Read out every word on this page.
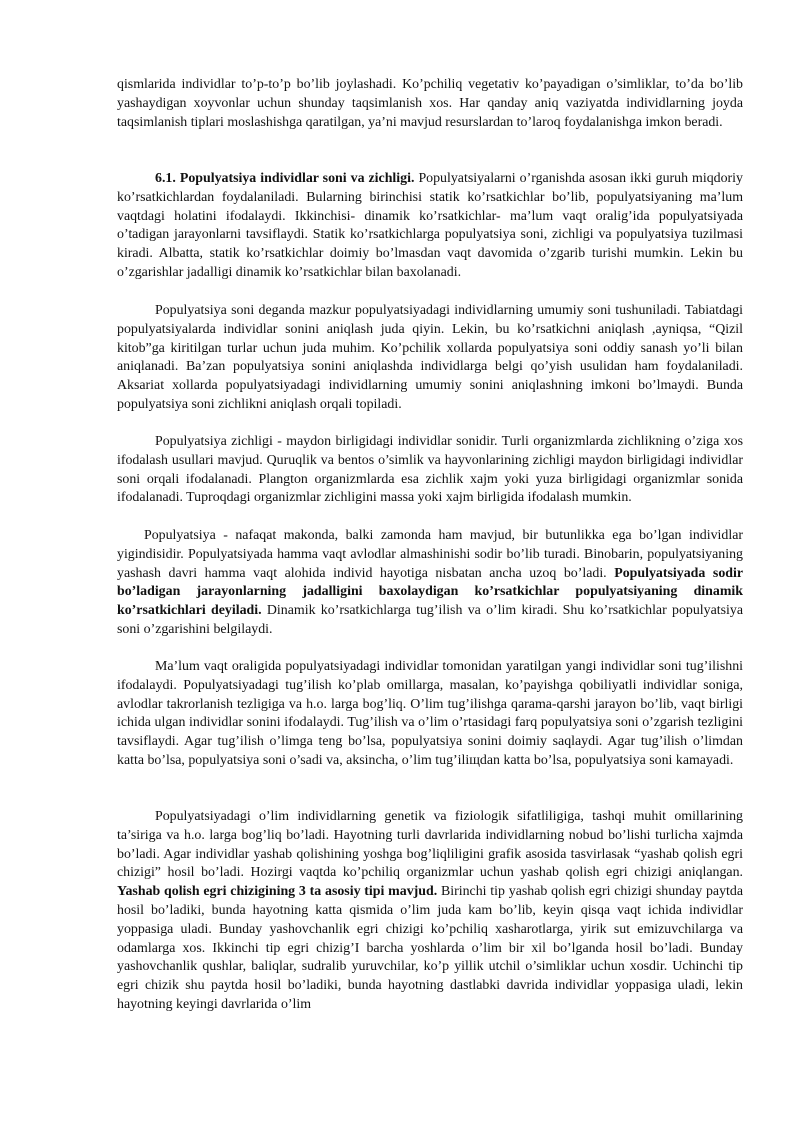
qismlarida individlar to’p-to’p bo’lib joylashadi. Ko’pchiliq vegetativ ko’payadigan o’simliklar, to’da bo’lib yashaydigan xoyvonlar uchun shunday taqsimlanish xos. Har qanday aniq vaziyatda individlarning joyda taqsimlanish tiplari moslashishga qaratilgan, ya’ni mavjud resurslardan to’laroq foydalanishga imkon beradi.

6.1. Populyatsiya individlar soni va zichligi. Populyatsiyalarni o’rganishda asosan ikki guruh miqdoriy ko’rsatkichlardan foydalaniladi. Bularning birinchisi statik ko’rsatkichlar bo’lib, populyatsiyaning ma’lum vaqtdagi holatini ifodalaydi. Ikkinchisi- dinamik ko’rsatkichlar- ma’lum vaqt oralig’ida populyatsiyada o’tadigan jarayonlarni tavsiflaydi. Statik ko’rsatkichlarga populyatsiya soni, zichligi va populyatsiya tuzilmasi kiradi. Albatta, statik ko’rsatkichlar doimiy bo’lmasdan vaqt davomida o’zgarib turishi mumkin. Lekin bu o’zgarishlar jadalligi dinamik ko’rsatkichlar bilan baxolanadi.

Populyatsiya soni deganda mazkur populyatsiyadagi individlarning umumiy soni tushuniladi. Tabiatdagi populyatsiyalarda individlar sonini aniqlash juda qiyin. Lekin, bu ko’rsatkichni aniqlash ,ayniqsa, “Qizil kitob”ga kiritilgan turlar uchun juda muhim. Ko’pchilik xollarda populyatsiya soni oddiy sanash yo’li bilan aniqlanadi. Ba’zan populyatsiya sonini aniqlashda individlarga belgi qo’yish usulidan ham foydalaniladi. Aksariat xollarda populyatsiyadagi individlarning umumiy sonini aniqlashning imkoni bo’lmaydi. Bunda populyatsiya soni zichlikni aniqlash orqali topiladi.

Populyatsiya zichligi - maydon birligidagi individlar sonidir. Turli organizmlarda zichlikning o’ziga xos ifodalash usullari mavjud. Quruqlik va bentos o’simlik va hayvonlarining zichligi maydon birligidagi individlar soni orqali ifodalanadi. Plangton organizmlarda esa zichlik xajm yoki yuza birligidagi organizmlar sonida ifodalanadi. Tuproqdagi organizmlar zichligini massa yoki xajm birligida ifodalash mumkin.

Populyatsiya - nafaqat makonda, balki zamonda ham mavjud, bir butunlikka ega bo’lgan individlar yigindisidir. Populyatsiyada hamma vaqt avlodlar almashinishi sodir bo’lib turadi. Binobarin, populyatsiyaning yashash davri hamma vaqt alohida individ hayotiga nisbatan ancha uzoq bo’ladi. Populyatsiyada sodir bo’ladigan jarayonlarning jadalligini baxolaydigan ko’rsatkichlar populyatsiyaning dinamik ko’rsatkichlari deyiladi. Dinamik ko’rsatkichlarga tug’ilish va o’lim kiradi. Shu ko’rsatkichlar populyatsiya soni o’zgarishini belgilaydi.

Ma’lum vaqt oraligida populyatsiyadagi individlar tomonidan yaratilgan yangi individlar soni tug’ilishni ifodalaydi. Populyatsiyadagi tug’ilish ko’plab omillarga, masalan, ko’payishga qobiliyatli individlar soniga, avlodlar takrorlanish tezligiga va h.o. larga bog’liq. O’lim tug’ilishga qarama-qarshi jarayon bo’lib, vaqt birligi ichida ulgan individlar sonini ifodalaydi. Tug’ilish va o’lim o’rtasidagi farq populyatsiya soni o’zgarish tezligini tavsiflaydi. Agar tug’ilish o’limga teng bo’lsa, populyatsiya sonini doimiy saqlaydi. Agar tug’ilish o’limdan katta bo’lsa, populyatsiya soni o’sadi va, aksincha, o’lim tug’iliщdan katta bo’lsa, populyatsiya soni kamayadi.

Populyatsiyadagi o’lim individlarning genetik va fiziologik sifatliligiga, tashqi muhit omillarining ta’siriga va h.o. larga bog’liq bo’ladi. Hayotning turli davrlarida individlarning nobud bo’lishi turlicha xajmda bo’ladi. Agar individlar yashab qolishining yoshga bog’liqliligini grafik asosida tasvirlasak “yashab qolish egri chizigi” hosil bo’ladi. Hozirgi vaqtda ko’pchiliq organizmlar uchun yashab qolish egri chizigi aniqlangan. Yashab qolish egri chizigining 3 ta asosiy tipi mavjud. Birinchi tip yashab qolish egri chizigi shunday paytda hosil bo’ladiki, bunda hayotning katta qismida o’lim juda kam bo’lib, keyin qisqa vaqt ichida individlar yoppasiga uladi. Bunday yashovchanlik egri chizigi ko’pchiliq xasharotlarga, yirik sut emizuvchilarga va odamlarga xos. Ikkinchi tip egri chizig’I barcha yoshlarda o’lim bir xil bo’lganda hosil bo’ladi. Bunday yashovchanlik qushlar, baliqlar, sudralib yuruvchilar, ko’p yillik utchil o’simliklar uchun xosdir. Uchinchi tip egri chizik shu paytda hosil bo’ladiki, bunda hayotning dastlabki davrida individlar yoppasiga uladi, lekin hayotning keyingi davrlarida o’lim
